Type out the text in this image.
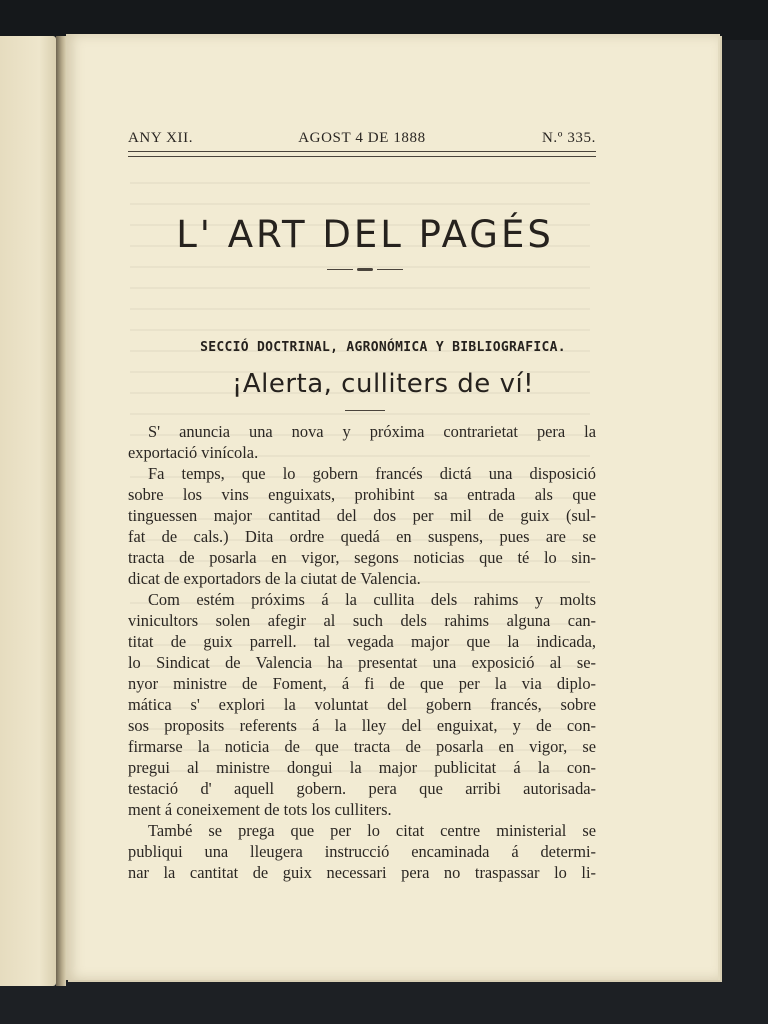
ANY XII.	AGOST 4 DE 1888	N.º 335.
L' ART DEL PAGÉS
SECCIÓ DOCTRINAL, AGRONÓMICA Y BIBLIOGRAFICA.
¡Alerta, culliters de ví!
S' anuncia una nova y próxima contrarietat pera la
exportació vinícola.
Fa temps, que lo gobern francés dictá una disposició
sobre los vins enguixats, prohibint sa entrada als que
tinguessen major cantitad del dos per mil de guix (sul-
fat de cals.) Dita ordre quedá en suspens, pues are se
tracta de posarla en vigor, segons noticias que té lo sin-
dicat de exportadors de la ciutat de Valencia.
Com estém próxims á la cullita dels rahims y molts
vinicultors solen afegir al such dels rahims alguna can-
titat de guix parrell. tal vegada major que la indicada,
lo Sindicat de Valencia ha presentat una exposició al se-
nyor ministre de Foment, á fi de que per la via diplo-
mática s' explori la voluntat del gobern francés, sobre
sos proposits referents á la lley del enguixat, y de con-
firmarse la noticia de que tracta de posarla en vigor, se
pregui al ministre dongui la major publicitat á la con-
testació d' aquell gobern. pera que arribi autorisada-
ment á coneixement de tots los culliters.
També se prega que per lo citat centre ministerial se
publiqui una lleugera instrucció encaminada á determi-
nar la cantitat de guix necessari pera no traspassar lo li-
